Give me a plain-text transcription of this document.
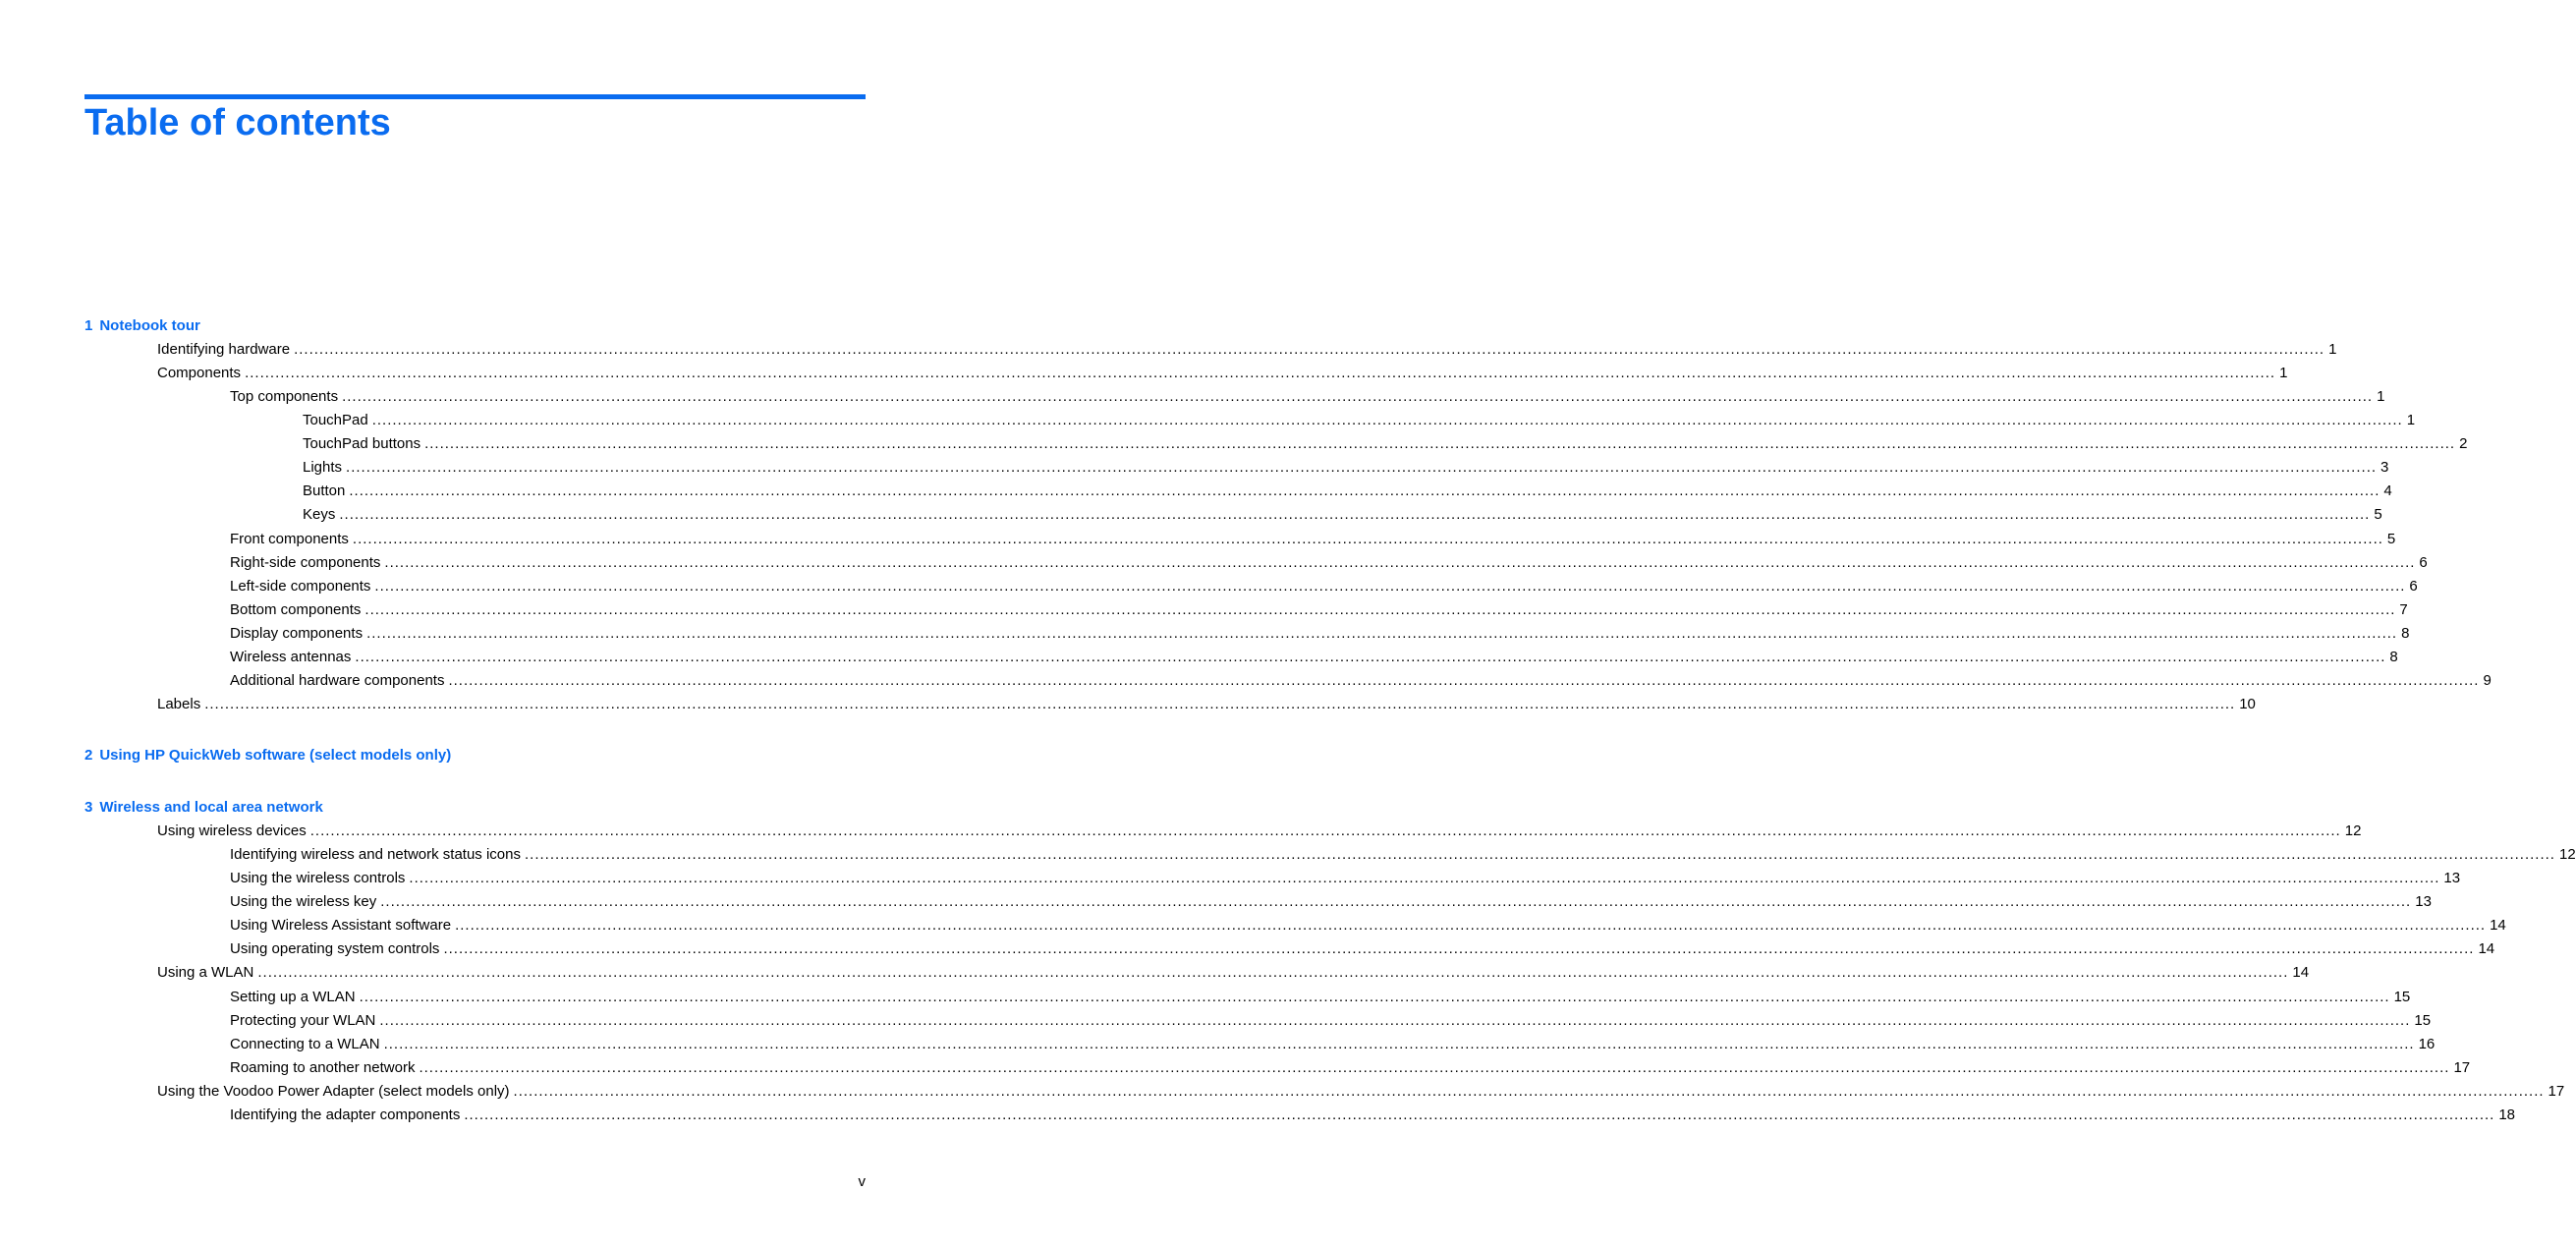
Table of contents
1 Notebook tour
Identifying hardware ................................................................................................................................................................................................................................................................................................................................................................................................................ 1
Components ................................................................................................................................................................................................................................................................................................................................................................................................................ 1
Top components ................................................................................................................................................................................................................................................................................................................................................................................................................ 1
TouchPad ................................................................................................................................................................................................................................................................................................................................................................................................................ 1
TouchPad buttons ................................................................................................................................................................................................................................................................................................................................................................................................................ 2
Lights ................................................................................................................................................................................................................................................................................................................................................................................................................ 3
Button ................................................................................................................................................................................................................................................................................................................................................................................................................ 4
Keys ................................................................................................................................................................................................................................................................................................................................................................................................................ 5
Front components ................................................................................................................................................................................................................................................................................................................................................................................................................ 5
Right-side components ................................................................................................................................................................................................................................................................................................................................................................................................................ 6
Left-side components ................................................................................................................................................................................................................................................................................................................................................................................................................ 6
Bottom components ................................................................................................................................................................................................................................................................................................................................................................................................................ 7
Display components ................................................................................................................................................................................................................................................................................................................................................................................................................ 8
Wireless antennas ................................................................................................................................................................................................................................................................................................................................................................................................................ 8
Additional hardware components ................................................................................................................................................................................................................................................................................................................................................................................................................ 9
Labels ................................................................................................................................................................................................................................................................................................................................................................................................................ 10
2 Using HP QuickWeb software (select models only)
3 Wireless and local area network
Using wireless devices ................................................................................................................................................................................................................................................................................................................................................................................................................ 12
Identifying wireless and network status icons ................................................................................................................................................................................................................................................................................................................................................................................................................ 12
Using the wireless controls ................................................................................................................................................................................................................................................................................................................................................................................................................ 13
Using the wireless key ................................................................................................................................................................................................................................................................................................................................................................................................................ 13
Using Wireless Assistant software ................................................................................................................................................................................................................................................................................................................................................................................................................ 14
Using operating system controls ................................................................................................................................................................................................................................................................................................................................................................................................................ 14
Using a WLAN ................................................................................................................................................................................................................................................................................................................................................................................................................ 14
Setting up a WLAN ................................................................................................................................................................................................................................................................................................................................................................................................................ 15
Protecting your WLAN ................................................................................................................................................................................................................................................................................................................................................................................................................ 15
Connecting to a WLAN ................................................................................................................................................................................................................................................................................................................................................................................................................ 16
Roaming to another network ................................................................................................................................................................................................................................................................................................................................................................................................................ 17
Using the Voodoo Power Adapter (select models only) ................................................................................................................................................................................................................................................................................................................................................................................................................ 17
Identifying the adapter components ................................................................................................................................................................................................................................................................................................................................................................................................................ 18
v
